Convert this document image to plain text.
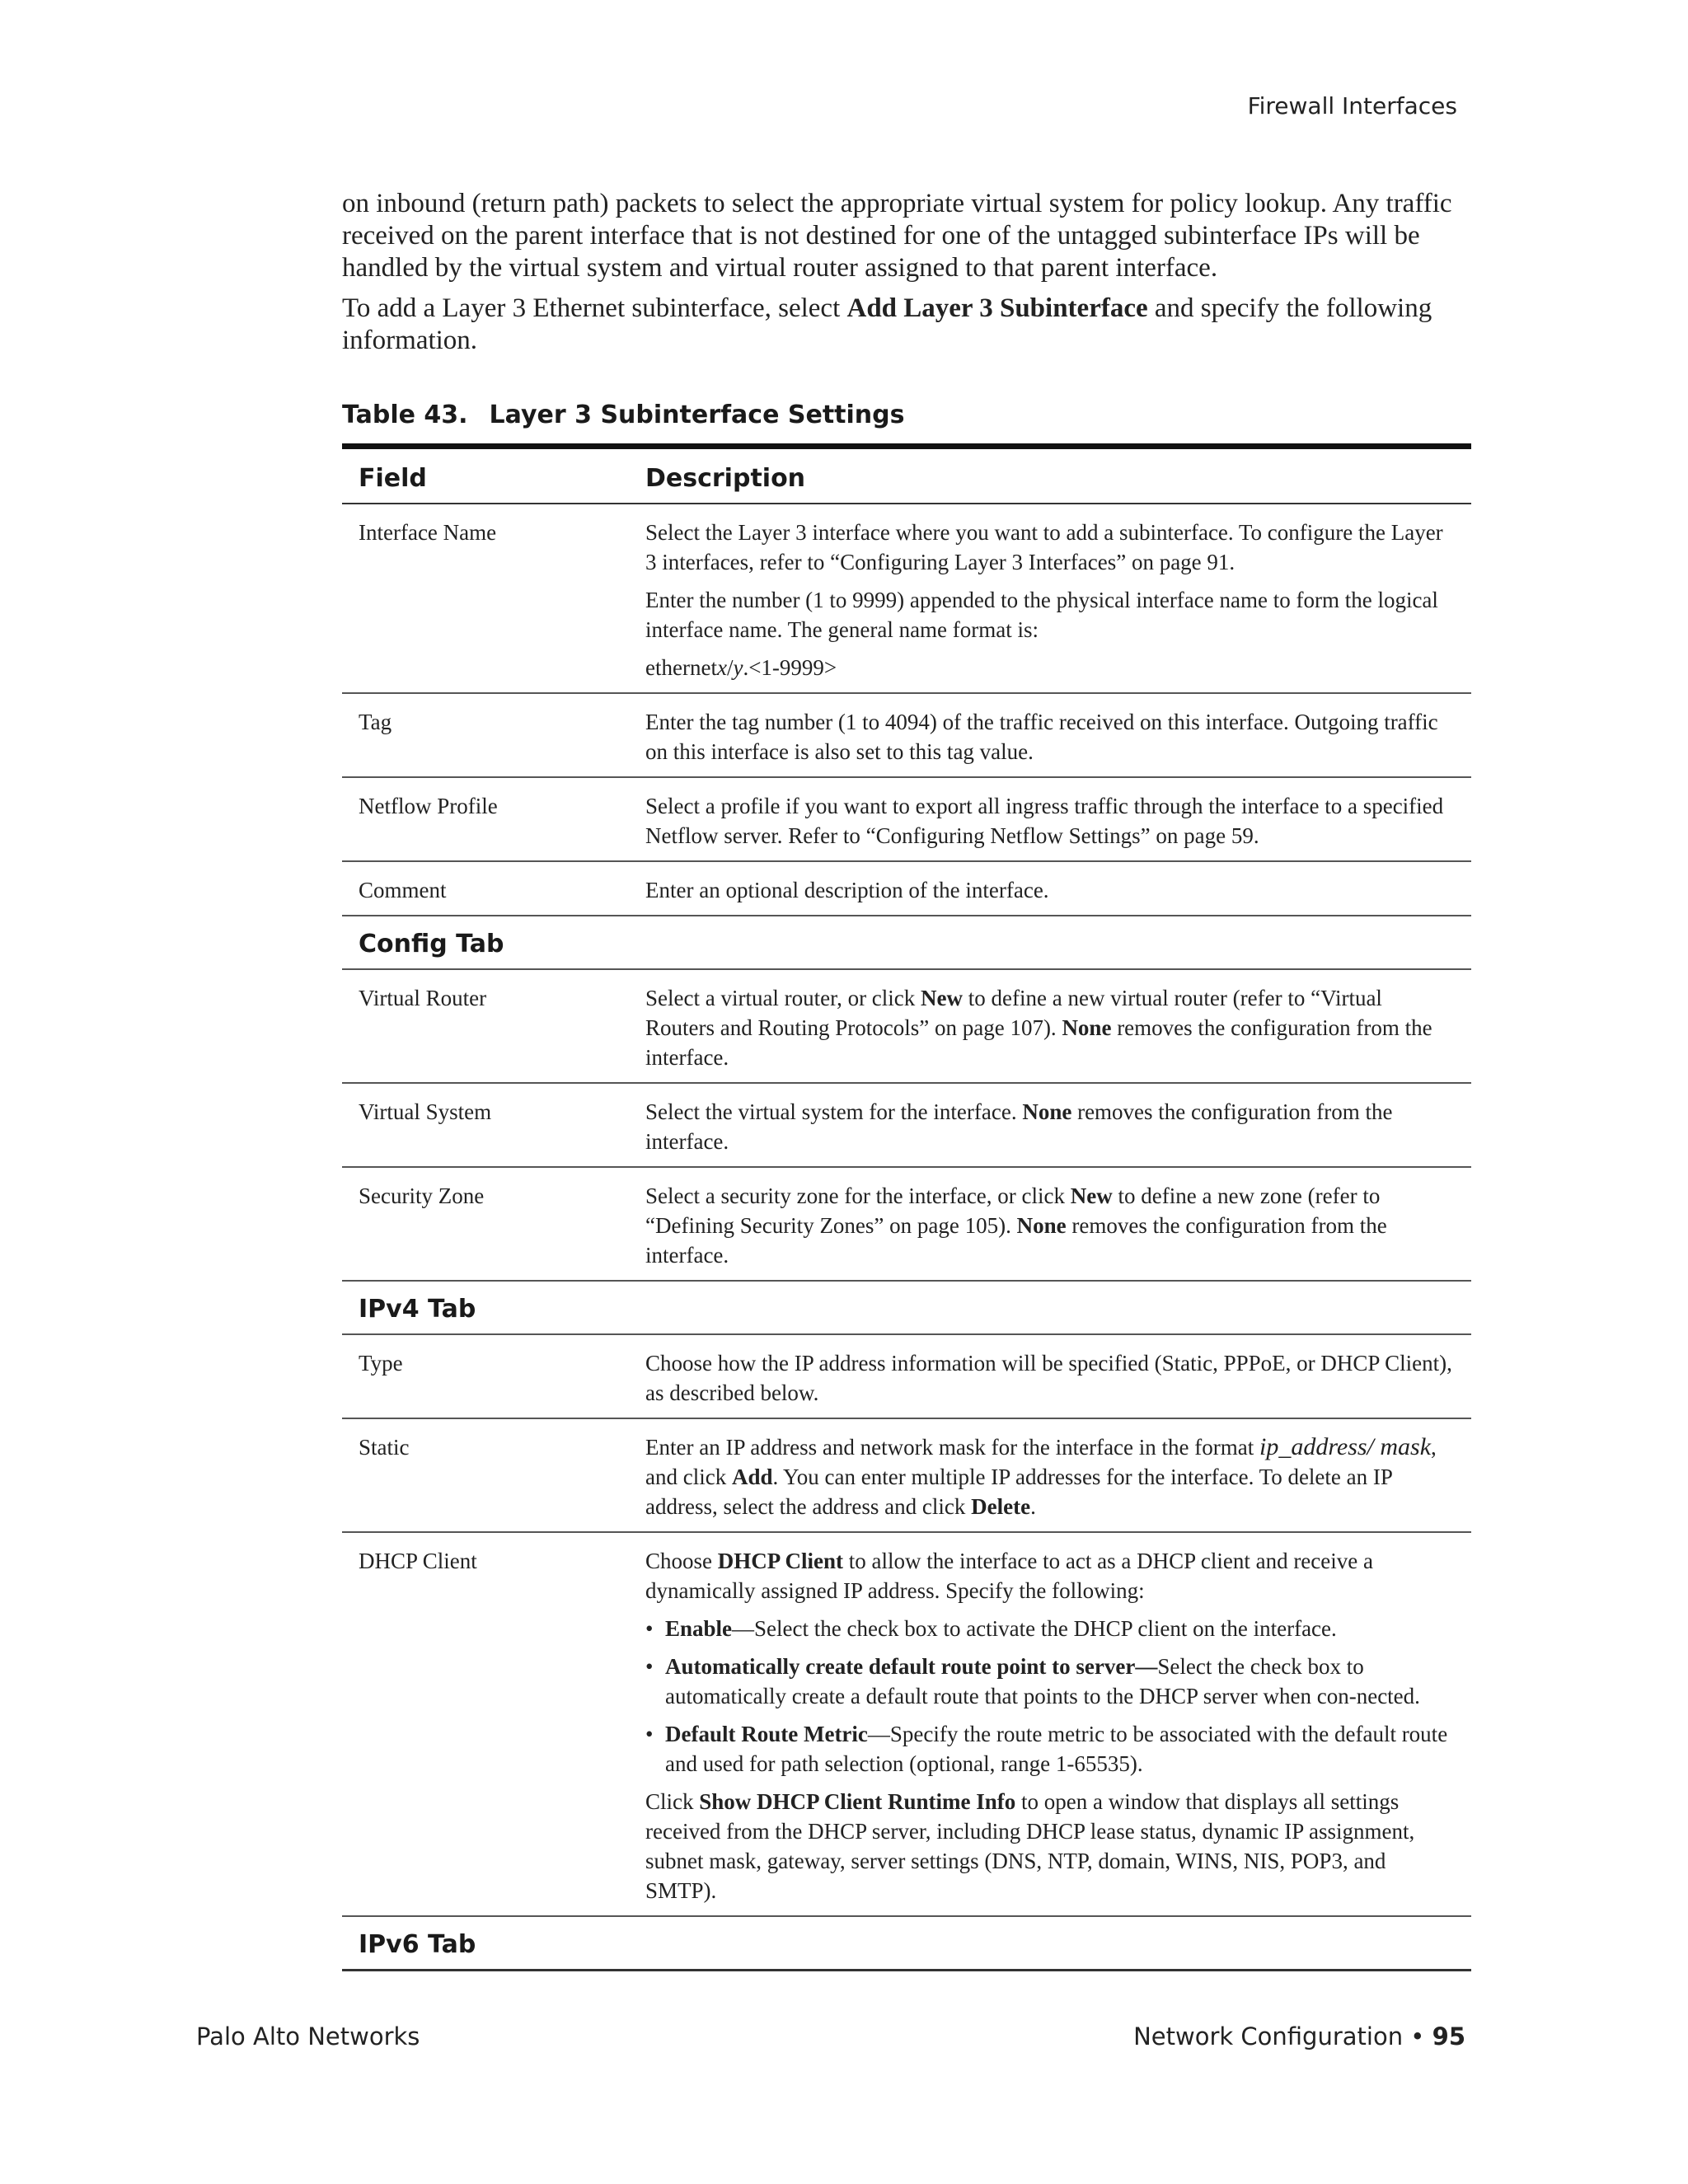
Firewall Interfaces

on inbound (return path) packets to select the appropriate virtual system for policy lookup. Any traffic received on the parent interface that is not destined for one of the untagged subinterface IPs will be handled by the virtual system and virtual router assigned to that parent interface.

To add a Layer 3 Ethernet subinterface, select Add Layer 3 Subinterface and specify the following information.

Table 43. Layer 3 Subinterface Settings
Field	Description
Interface Name	Select the Layer 3 interface where you want to add a subinterface. To configure the Layer 3 interfaces, refer to “Configuring Layer 3 Interfaces” on page 91.

Enter the number (1 to 9999) appended to the physical interface name to form the logical interface name. The general name format is:

ethernetx/y.<1-9999>

Tag	Enter the tag number (1 to 4094) of the traffic received on this interface. Outgoing traffic on this interface is also set to this tag value.
Netflow Profile	Select a profile if you want to export all ingress traffic through the interface to a specified Netflow server. Refer to “Configuring Netflow Settings” on page 59.
Comment	Enter an optional description of the interface.
Config Tab
Virtual Router	Select a virtual router, or click New to define a new virtual router (refer to “Virtual Routers and Routing Protocols” on page 107). None removes the configuration from the interface.
Virtual System	Select the virtual system for the interface. None removes the configuration from the interface.
Security Zone	Select a security zone for the interface, or click New to define a new zone (refer to “Defining Security Zones” on page 105). None removes the configuration from the interface.
IPv4 Tab
Type	Choose how the IP address information will be specified (Static, PPPoE, or DHCP Client), as described below.
Static	Enter an IP address and network mask for the interface in the format ip_address/ mask, and click Add. You can enter multiple IP addresses for the interface. To delete an IP address, select the address and click Delete.
DHCP Client	Choose DHCP Client to allow the interface to act as a DHCP client and receive a dynamically assigned IP address. Specify the following:

• Enable—Select the check box to activate the DHCP client on the interface.
• Automatically create default route point to server—Select the check box to automatically create a default route that points to the DHCP server when con-nected.
• Default Route Metric—Specify the route metric to be associated with the default route and used for path selection (optional, range 1-65535).

Click Show DHCP Client Runtime Info to open a window that displays all settings received from the DHCP server, including DHCP lease status, dynamic IP assignment, subnet mask, gateway, server settings (DNS, NTP, domain, WINS, NIS, POP3, and SMTP).

IPv6 Tab
Palo Alto Networks	Network Configuration • 95
